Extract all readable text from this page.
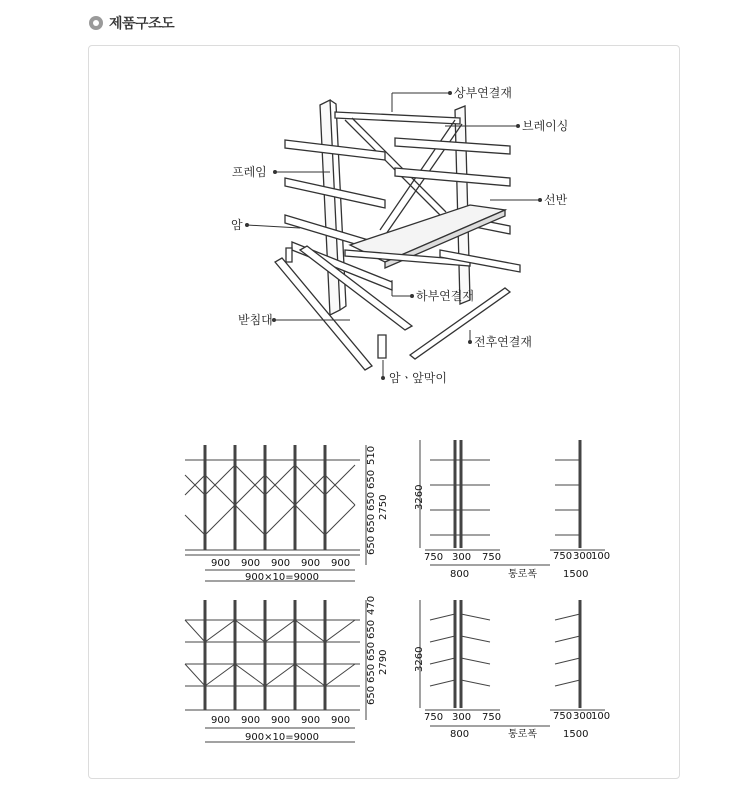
제품구조도
상부연결재
브레이싱
프레임
선반
암
하부연결재
받침대
전후연결재
암ㆍ앞막이
900 900 900 900 900
900×10=9000
650
650
650
650
510
2750	3260
750 300 750
800	통로폭
750 300
100
1500
900 900 900 900 900
900×10=9000
650
650
650
650
470
2790	3260
750 300 750
800	통로폭
750 300
100
1500
